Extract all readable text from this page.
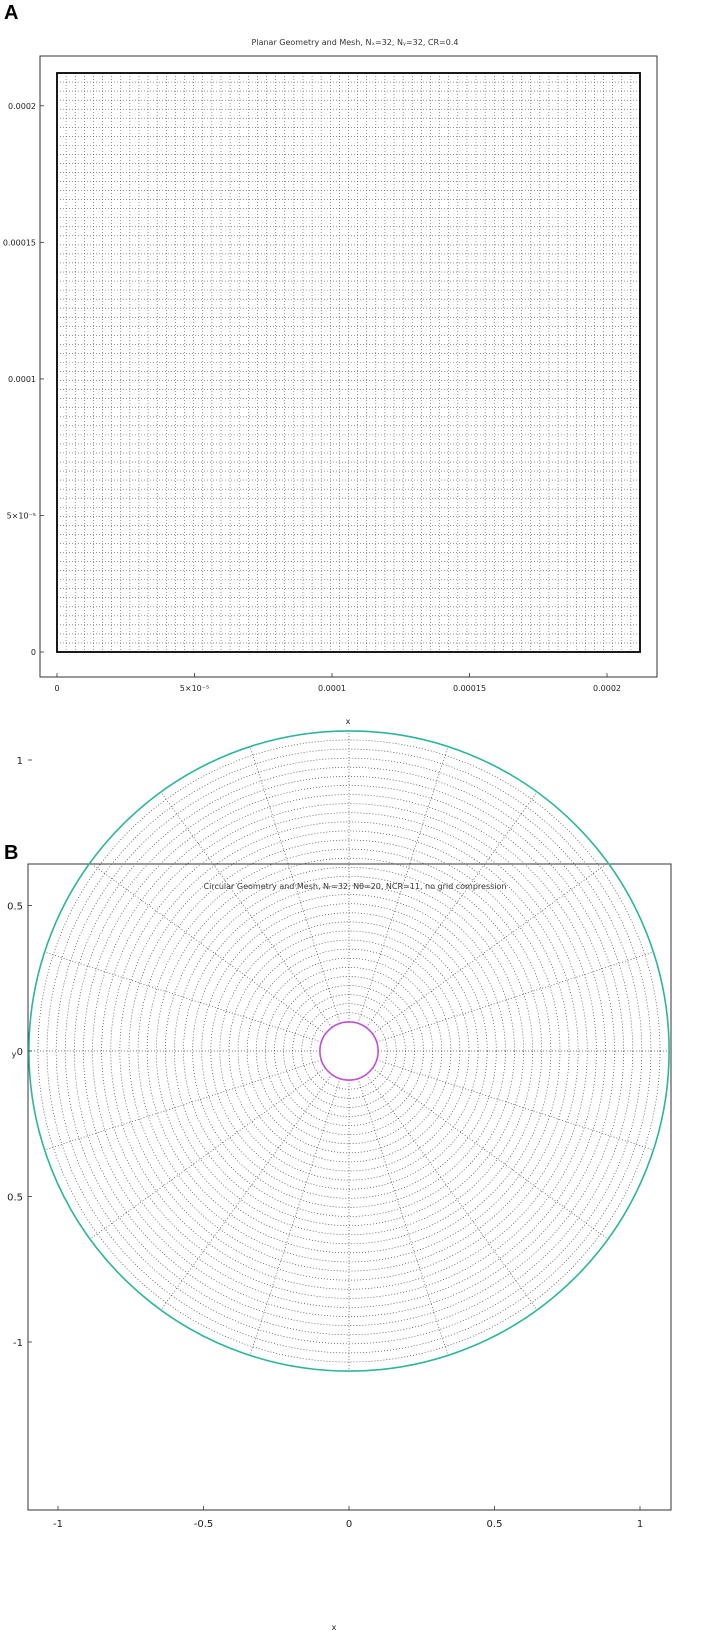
A
Planar Geometry and Mesh, Nₓ=32, Nᵧ=32, CR=0.4
0	5×10⁻⁵	0.0001	0.00015	0.0002
0
5×10⁻⁵
0.0001
0.00015
0.0002
x
B
Circular Geometry and Mesh, Nᵣ=32, Nθ=20, NCR=11, no grid compression
-1	-0.5	0	0.5	1
1
0.5
0
0.5
-1
x
y
